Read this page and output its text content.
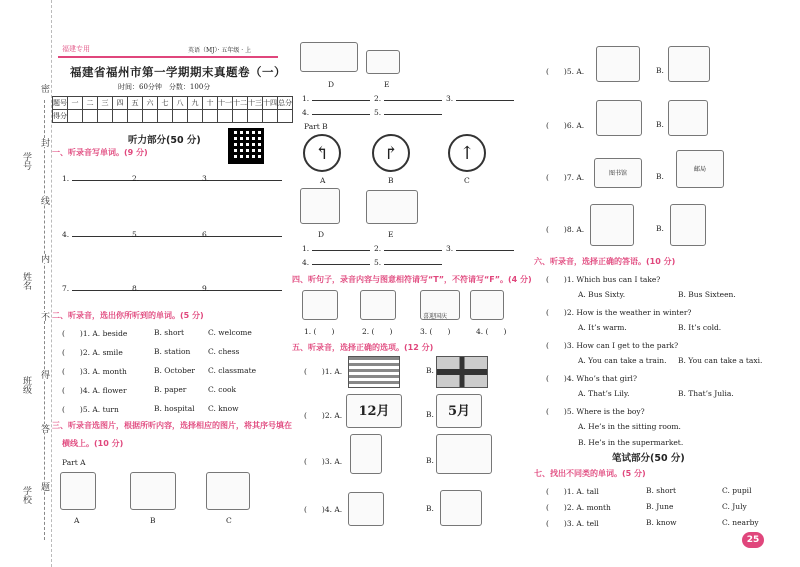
学号
姓名
班级
学校
密
封
线
内
不
得
答
题
福建专用	英语（MJ）· 五年级 · 上
福建省福州市第一学期期末真题卷（一）
时间：60分钟　分数：100分
题号	一	二	三	四	五	六	七	八	九	十	十一	十二	十三	十四	总分
得分															
听力部分(50 分)
一、听录音写单词。(9 分)
1.	2.	3.
4.	5.	6.
7.	8.	9.
二、听录音，选出你所听到的单词。(5 分)
(　　)1. A. beside	B. short	C. welcome
(　　)2. A. smile	B. station C. chess
(　　)3. A. month	B. October C. classmate
(　　)4. A. flower	B. paper	C. cook
(　　)5. A. turn	B. hospital C. know
三、听录音选图片，根据所听内容，选择相应的图片，将其序号填在
横线上。(10 分)
Part A
A	B	C
D	E
1.	2.	3.
4.	5.
Part B
↰	↱	↑
A	B	C
D	E
1.	2.	3.
4.	5.
四、听句子，录音内容与图意相符请写“T”，不符请写“F”。(4 分)
喜迎国庆
1. (　　)	2. (　　)	3. (　　)	4. (　　)
五、听录音，选择正确的选项。(12 分)
(　　)1. A.	B.
(　　)2. A.	12月	B.	5月
(　　)3. A.	B.
(　　)4. A.	B.
(　　)5. A.	B.
(　　)6. A.	B.
(　　)7. A.	图书馆	B.
邮局
(　　)8. A.	B.
六、听录音，选择正确的答语。(10 分)
(　　)1. Which bus can I take?
A. Bus Sixty.	B. Bus Sixteen.
(　　)2. How is the weather in winter?
A. It’s warm.	B. It’s cold.
(　　)3. How can I get to the park?
A. You can take a train. B. You can take a taxi.
(　　)4. Who’s that girl?
A. That’s Lily.	B. That’s Julia.
(　　)5. Where is the boy?
A. He’s in the sitting room.
B. He’s in the supermarket.
笔试部分(50 分)
七、找出不同类的单词。(5 分)
(　　)1. A. tall	B. short	C. pupil
(　　)2. A. month	B. June	C. July
(　　)3. A. tell	B. know	C. nearby
25
